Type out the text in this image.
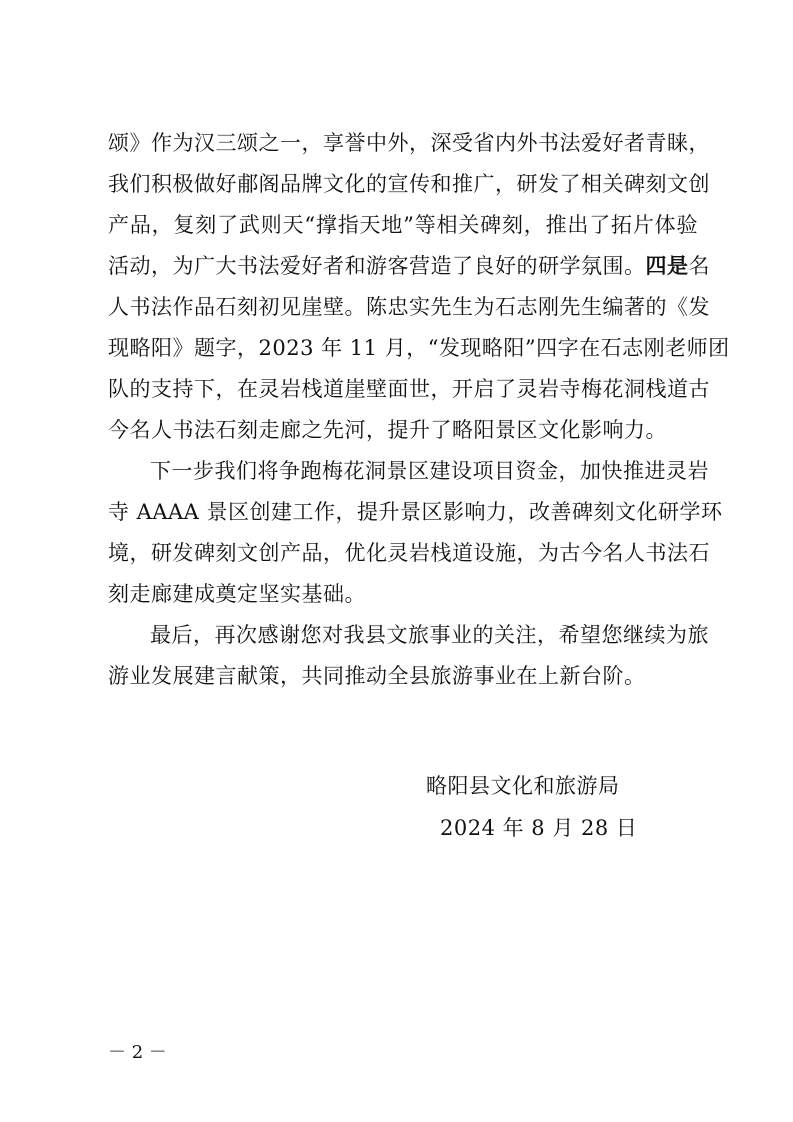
颂》作为汉三颂之一，享誉中外，深受省内外书法爱好者青睐，
我们积极做好郙阁品牌文化的宣传和推广，研发了相关碑刻文创
产品，复刻了武则天“撑指天地”等相关碑刻，推出了拓片体验
活动，为广大书法爱好者和游客营造了良好的研学氛围。四是名
人书法作品石刻初见崖壁。陈忠实先生为石志刚先生编著的《发
现略阳》题字，2023 年 11 月，“发现略阳”四字在石志刚老师团
队的支持下，在灵岩栈道崖壁面世，开启了灵岩寺梅花洞栈道古
今名人书法石刻走廊之先河，提升了略阳景区文化影响力。
下一步我们将争跑梅花洞景区建设项目资金，加快推进灵岩
寺 AAAA 景区创建工作，提升景区影响力，改善碑刻文化研学环
境，研发碑刻文创产品，优化灵岩栈道设施，为古今名人书法石
刻走廊建成奠定坚实基础。
最后，再次感谢您对我县文旅事业的关注，希望您继续为旅
游业发展建言献策，共同推动全县旅游事业在上新台阶。
略阳县文化和旅游局
2024 年 8 月 28 日
－ 2 －
